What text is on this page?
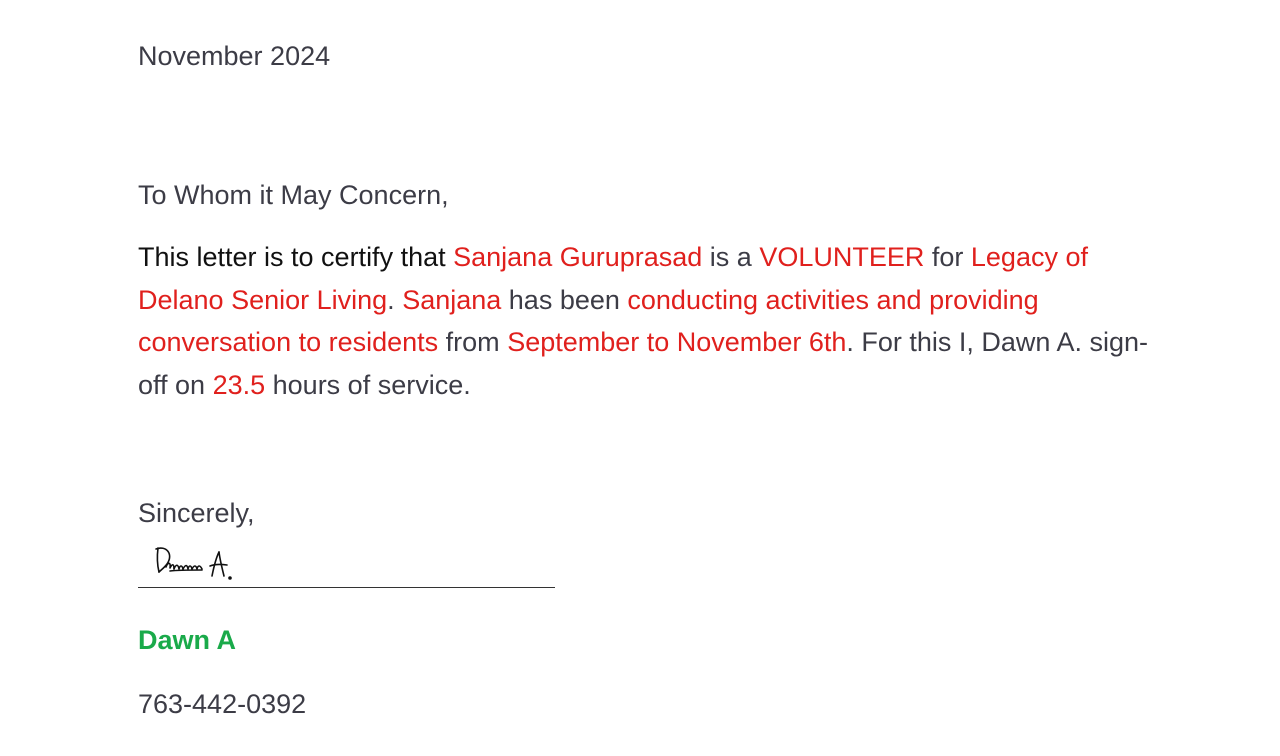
November 2024
To Whom it May Concern,

This letter is to certify that Sanjana Guruprasad is a VOLUNTEER for Legacy of Delano Senior Living. Sanjana has been conducting activities and providing conversation to residents from September to November 6th. For this I, Dawn A. sign-off on 23.5 hours of service.

Sincerely,
Dawn A
763-442-0392
